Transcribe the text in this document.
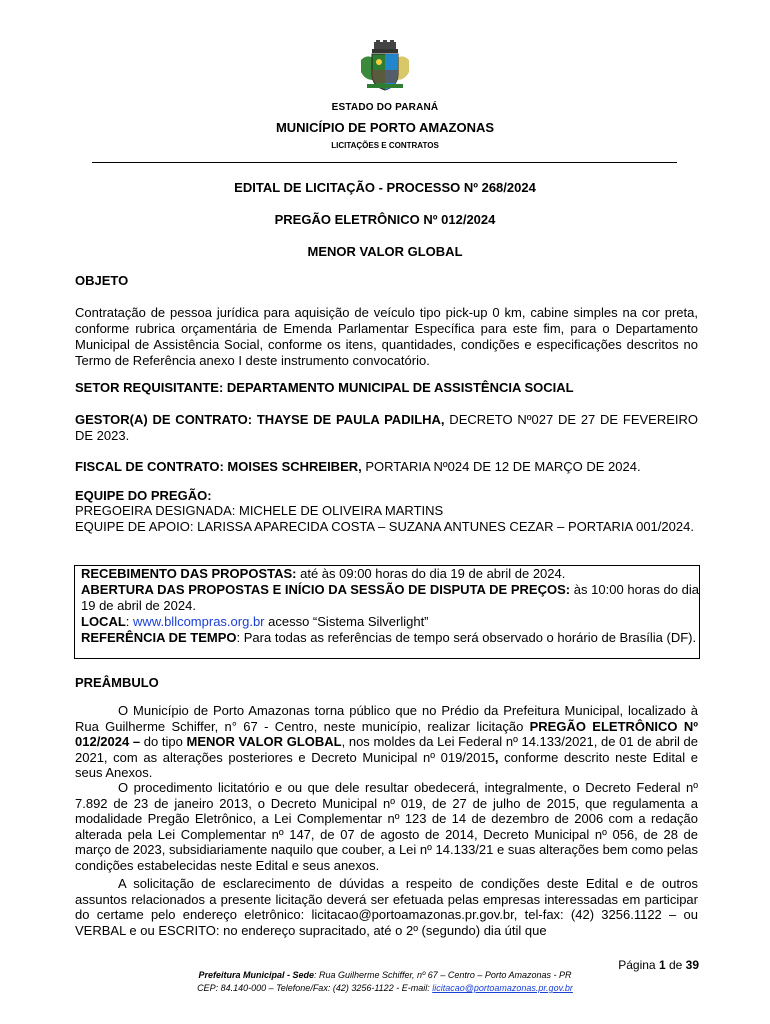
ESTADO DO PARANÁ
MUNICÍPIO DE PORTO AMAZONAS
LICITAÇÕES E CONTRATOS
EDITAL DE LICITAÇÃO - PROCESSO Nº 268/2024
PREGÃO ELETRÔNICO Nº 012/2024
MENOR VALOR GLOBAL
OBJETO
Contratação de pessoa jurídica para aquisição de veículo tipo pick-up 0 km, cabine simples na cor preta, conforme rubrica orçamentária de Emenda Parlamentar Específica para este fim, para o Departamento Municipal de Assistência Social, conforme os itens, quantidades, condições e especificações descritos no Termo de Referência anexo I deste instrumento convocatório.
SETOR REQUISITANTE: DEPARTAMENTO MUNICIPAL DE ASSISTÊNCIA SOCIAL
GESTOR(A) DE CONTRATO: THAYSE DE PAULA PADILHA, DECRETO Nº027 DE 27 DE FEVEREIRO DE 2023.
FISCAL DE CONTRATO: MOISES SCHREIBER, PORTARIA Nº024 DE 12 DE MARÇO DE 2024.
EQUIPE DO PREGÃO:
PREGOEIRA DESIGNADA: MICHELE DE OLIVEIRA MARTINS
EQUIPE DE APOIO: LARISSA APARECIDA COSTA – SUZANA ANTUNES CEZAR – PORTARIA 001/2024.
RECEBIMENTO DAS PROPOSTAS: até às 09:00 horas do dia 19 de abril de 2024.
ABERTURA DAS PROPOSTAS E INÍCIO DA SESSÃO DE DISPUTA DE PREÇOS: às 10:00 horas do dia 19 de abril de 2024.
LOCAL: www.bllcompras.org.br acesso “Sistema Silverlight”
REFERÊNCIA DE TEMPO: Para todas as referências de tempo será observado o horário de Brasília (DF).
PREÂMBULO
O Município de Porto Amazonas torna público que no Prédio da Prefeitura Municipal, localizado à Rua Guilherme Schiffer, n° 67 - Centro, neste município, realizar licitação PREGÃO ELETRÔNICO Nº 012/2024 – do tipo MENOR VALOR GLOBAL, nos moldes da Lei Federal nº 14.133/2021, de 01 de abril de 2021, com as alterações posteriores e Decreto Municipal nº 019/2015, conforme descrito neste Edital e seus Anexos.
O procedimento licitatório e ou que dele resultar obedecerá, integralmente, o Decreto Federal nº 7.892 de 23 de janeiro 2013, o Decreto Municipal nº 019, de 27 de julho de 2015, que regulamenta a modalidade Pregão Eletrônico, a Lei Complementar nº 123 de 14 de dezembro de 2006 com a redação alterada pela Lei Complementar nº 147, de 07 de agosto de 2014, Decreto Municipal nº 056, de 28 de março de 2023, subsidiariamente naquilo que couber, a Lei nº 14.133/21 e suas alterações bem como pelas condições estabelecidas neste Edital e seus anexos.
A solicitação de esclarecimento de dúvidas a respeito de condições deste Edital e de outros assuntos relacionados a presente licitação deverá ser efetuada pelas empresas interessadas em participar do certame pelo endereço eletrônico: licitacao@portoamazonas.pr.gov.br, tel-fax: (42) 3256.1122 – ou VERBAL e ou ESCRITO: no endereço supracitado, até o 2º (segundo) dia útil que
Página 1 de 39
Prefeitura Municipal - Sede: Rua Guilherme Schiffer, nº 67 – Centro – Porto Amazonas - PR
CEP: 84.140-000 – Telefone/Fax: (42) 3256-1122 - E-mail: licitacao@portoamazonas.pr.gov.br
